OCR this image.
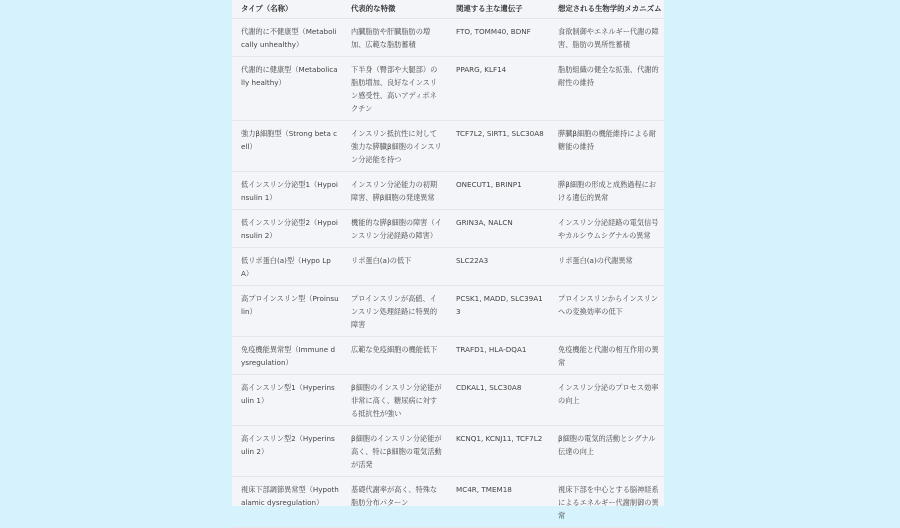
タイプ（名称）	代表的な特徴	関連する主な遺伝子	想定される生物学的メカニズム
代謝的に不健康型（Metabolically unhealthy）	内臓脂肪や肝臓脂肪の増加、広範な脂肪蓄積	FTO, TOMM40, BDNF	食欲制御やエネルギー代謝の障害、脂肪の異所性蓄積
代謝的に健康型（Metabolically healthy）	下半身（臀部や大腿部）の脂肪増加、良好なインスリン感受性、高いアディポネクチン	PPARG, KLF14	脂肪組織の健全な拡張、代謝的耐性の維持
強力β細胞型（Strong beta cell）	インスリン抵抗性に対して強力な膵臓β細胞のインスリン分泌能を持つ	TCF7L2, SIRT1, SLC30A8	膵臓β細胞の機能維持による耐糖能の維持
低インスリン分泌型1（Hypoinsulin 1）	インスリン分泌能力の初期障害、膵β細胞の発達異常	ONECUT1, BRINP1	膵β細胞の形成と成熟過程における遺伝的異常
低インスリン分泌型2（Hypoinsulin 2）	機能的な膵β細胞の障害（インスリン分泌経路の障害）	GRIN3A, NALCN	インスリン分泌経路の電気信号やカルシウムシグナルの異常
低リポ蛋白(a)型（Hypo LpA）	リポ蛋白(a)の低下	SLC22A3	リポ蛋白(a)の代謝異常
高プロインスリン型（Proinsulin）	プロインスリンが高値、インスリン処理経路に特異的障害	PCSK1, MADD, SLC39A13	プロインスリンからインスリンへの変換効率の低下
免疫機能異常型（Immune dysregulation）	広範な免疫細胞の機能低下	TRAFD1, HLA-DQA1	免疫機能と代謝の相互作用の異常
高インスリン型1（Hyperinsulin 1）	β細胞のインスリン分泌能が非常に高く、糖尿病に対する抵抗性が強い	CDKAL1, SLC30A8	インスリン分泌のプロセス効率の向上
高インスリン型2（Hyperinsulin 2）	β細胞のインスリン分泌能が高く、特にβ細胞の電気活動が活発	KCNQ1, KCNJ11, TCF7L2	β細胞の電気的活動とシグナル伝達の向上
視床下部調節異常型（Hypothalamic dysregulation）	基礎代謝率が高く、特殊な脂肪分布パターン	MC4R, TMEM18	視床下部を中心とする脳神経系によるエネルギー代謝制御の異常
